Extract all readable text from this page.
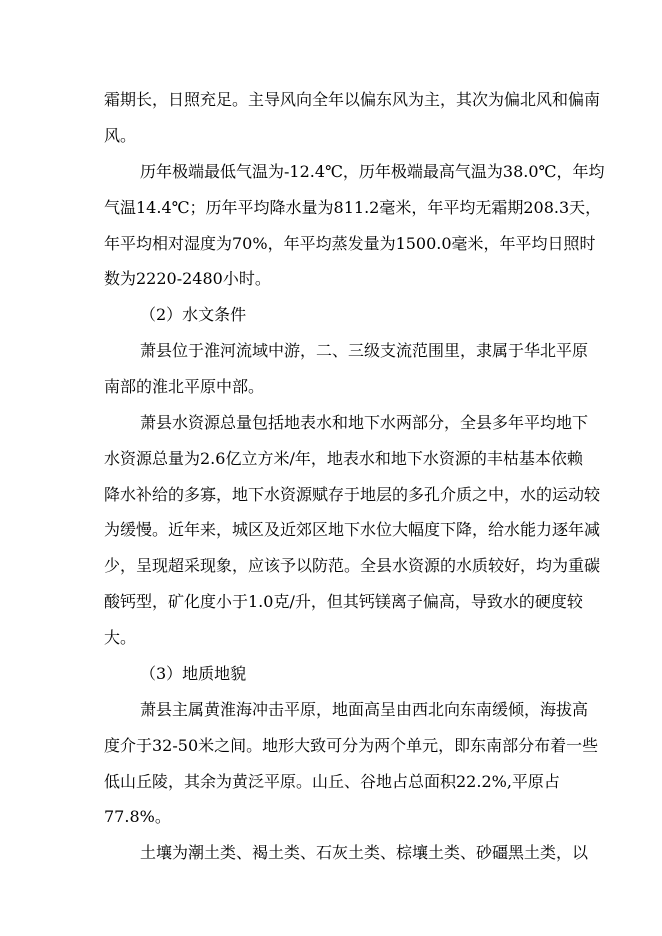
霜期长，日照充足。主导风向全年以偏东风为主，其次为偏北风和偏南
风。
历年极端最低气温为-12.4℃，历年极端最高气温为38.0℃，年均
气温14.4℃；历年平均降水量为811.2毫米，年平均无霜期208.3天，
年平均相对湿度为70%，年平均蒸发量为1500.0毫米，年平均日照时
数为2220-2480小时。
（2）水文条件
萧县位于淮河流域中游，二、三级支流范围里，隶属于华北平原
南部的淮北平原中部。
萧县水资源总量包括地表水和地下水两部分，全县多年平均地下
水资源总量为2.6亿立方米/年，地表水和地下水资源的丰枯基本依赖
降水补给的多寡，地下水资源赋存于地层的多孔介质之中，水的运动较
为缓慢。近年来，城区及近郊区地下水位大幅度下降，给水能力逐年减
少，呈现超采现象，应该予以防范。全县水资源的水质较好，均为重碳
酸钙型，矿化度小于1.0克/升，但其钙镁离子偏高，导致水的硬度较
大。
（3）地质地貌
萧县主属黄淮海冲击平原，地面高呈由西北向东南缓倾，海拔高
度介于32-50米之间。地形大致可分为两个单元，即东南部分布着一些
低山丘陵，其余为黄泛平原。山丘、谷地占总面积22.2%,平原占
77.8%。
土壤为潮土类、褐土类、石灰土类、棕壤土类、砂礓黑土类，以
